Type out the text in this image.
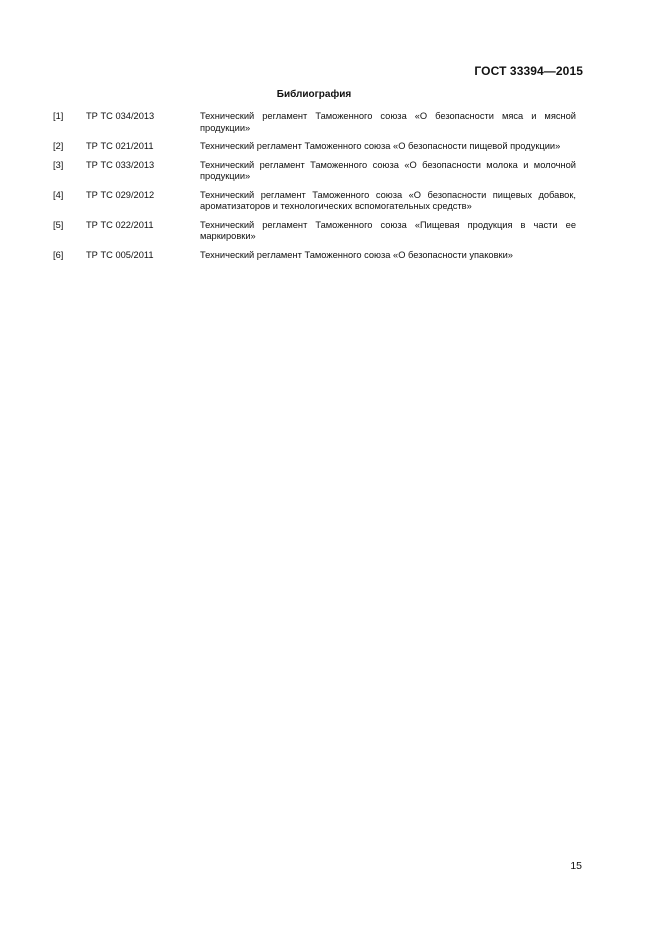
ГОСТ 33394—2015
Библиография
[1]	ТР ТС 034/2013	Технический регламент Таможенного союза «О безопасности мяса и мясной продукции»
[2]	ТР ТС 021/2011	Технический регламент Таможенного союза «О безопасности пищевой продукции»
[3]	ТР ТС 033/2013	Технический регламент Таможенного союза «О безопасности молока и молочной продукции»
[4]	ТР ТС 029/2012	Технический регламент Таможенного союза «О безопасности пищевых добавок, ароматизаторов и технологических вспомогательных средств»
[5]	ТР ТС 022/2011	Технический регламент Таможенного союза «Пищевая продукция в части ее маркировки»
[6]	ТР ТС 005/2011	Технический регламент Таможенного союза «О безопасности упаковки»
15
